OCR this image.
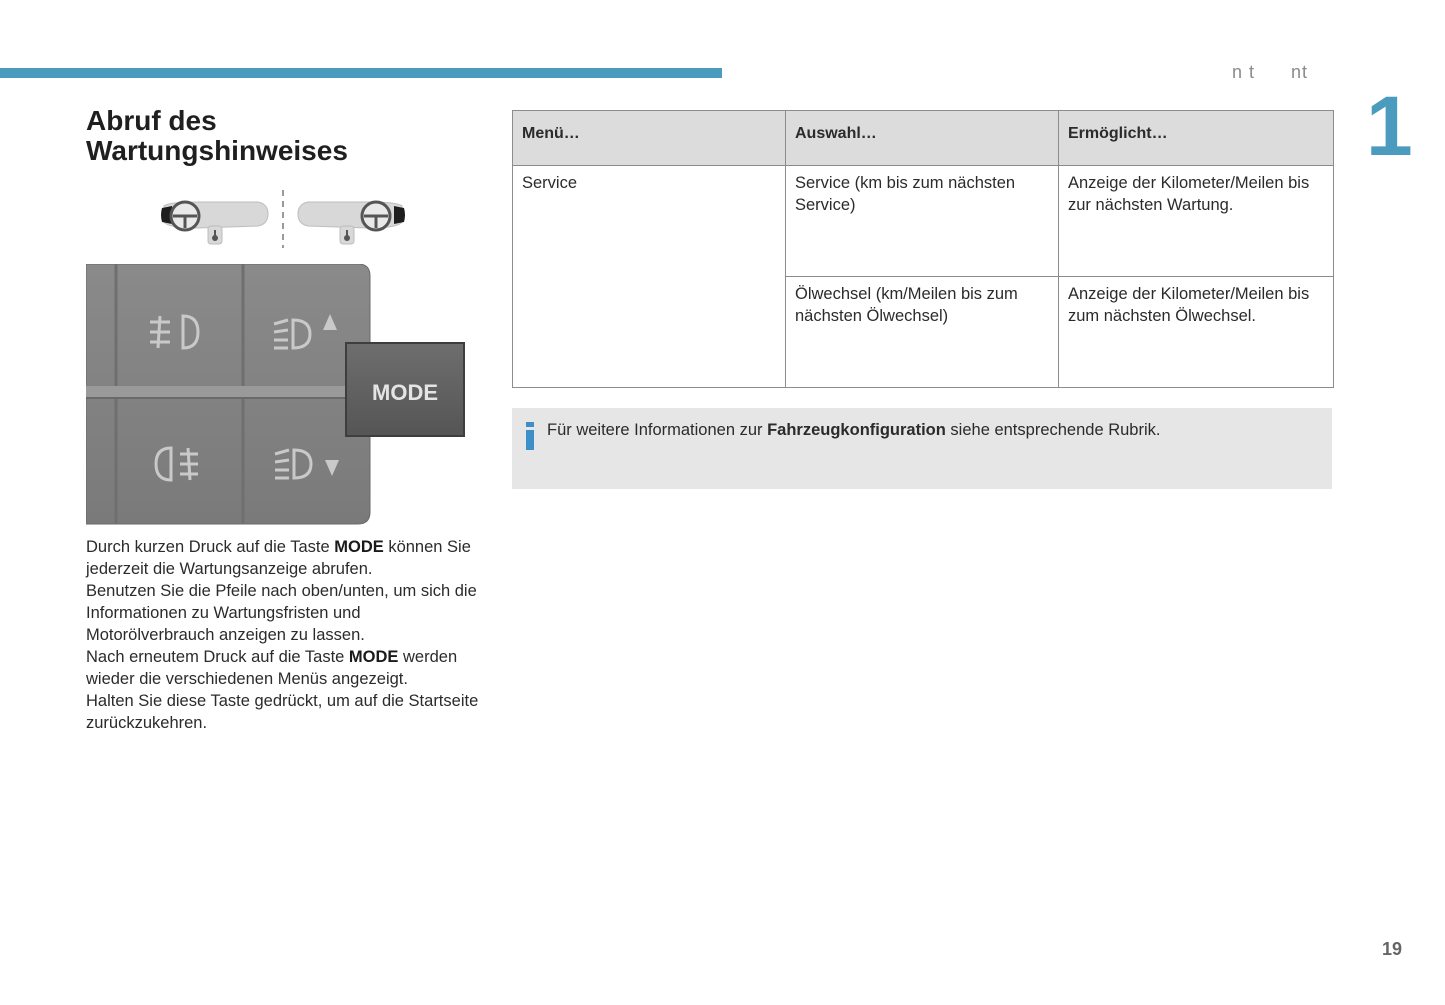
n t      nt
1
Abruf des Wartungshinweises
MODE

Durch kurzen Druck auf die Taste MODE können Sie jederzeit die Wartungsanzeige abrufen.

Benutzen Sie die Pfeile nach oben/unten, um sich die Informationen zu Wartungsfristen und Motorölverbrauch anzeigen zu lassen.

Nach erneutem Druck auf die Taste MODE werden wieder die verschiedenen Menüs angezeigt.

Halten Sie diese Taste gedrückt, um auf die Startseite zurückzukehren.

Menü…	Auswahl…	Ermöglicht…
Service	Service (km bis zum nächsten Service)	Anzeige der Kilometer/Meilen bis zur nächsten Wartung.
	Ölwechsel (km/Meilen bis zum nächsten Ölwechsel)	Anzeige der Kilometer/Meilen bis zum nächsten Ölwechsel.
Für weitere Informationen zur Fahrzeugkonfiguration siehe entsprechende Rubrik.
19
